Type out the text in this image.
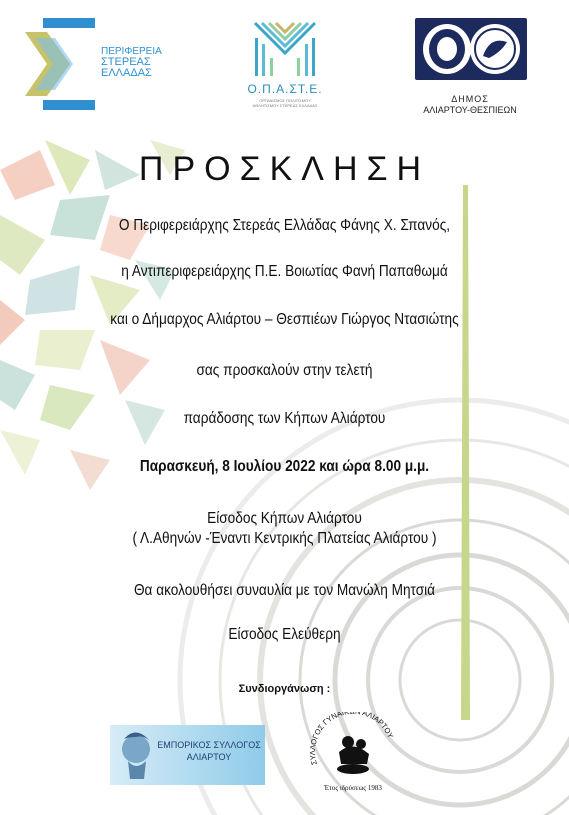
ΠΕΡΙΦΕΡΕΙΑ
ΣΤΕΡΕΑΣ
ΕΛΛΑΔΑΣ
Ο.Π.Α.ΣΤ.Ε.
ΟΡΓΑΝΙΣΜΟΣ ΠΟΛΙΤΙΣΜΟΥ
ΑΘΛΗΤΙΣΜΟΥ ΣΤΕΡΕΑΣ ΕΛΛΑΔΑΣ
ΔΗΜΟΣ
ΑΛΙΑΡΤΟΥ-ΘΕΣΠΙΕΩΝ
ΠΡΟΣΚΛΗΣΗ
Ο Περιφερειάρχης Στερεάς Ελλάδας Φάνης Χ. Σπανός,
η Αντιπεριφερειάρχης Π.Ε. Βοιωτίας Φανή Παπαθωμά
και ο Δήμαρχος Αλιάρτου – Θεσπιέων Γιώργος Ντασιώτης
σας προσκαλούν στην τελετή
παράδοσης των Κήπων Αλιάρτου
Παρασκευή, 8 Ιουλίου 2022 και ώρα 8.00 μ.μ.
Είσοδος Κήπων Αλιάρτου
( Λ.Αθηνών -Έναντι Κεντρικής Πλατείας Αλιάρτου )
Θα ακολουθήσει συναυλία με τον Μανώλη Μητσιά
Είσοδος Ελεύθερη
Συνδιοργάνωση :
ΕΜΠΟΡΙΚΟΣ ΣΥΛΛΟΓΟΣ
ΑΛΙΑΡΤΟΥ
ΣΥΛΛΟΓΟΣ ΓΥΝΑΙ ΑΛΙΑΡΤΟΥ
Έτος ιδρύσεως 1983
